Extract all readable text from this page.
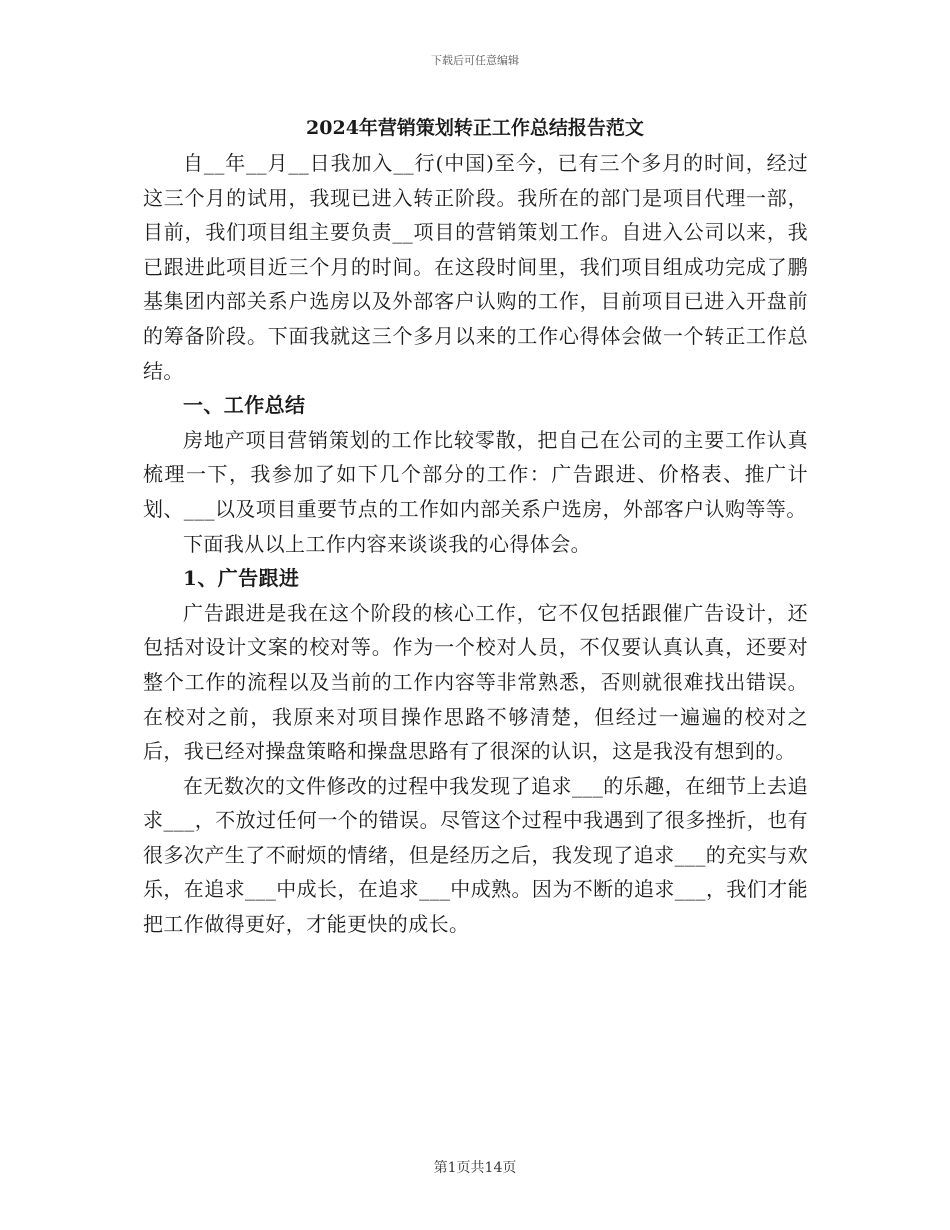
下载后可任意编辑
2024年营销策划转正工作总结报告范文

自__年__月__日我加入__行(中国)至今，已有三个多月的时间，经过这三个月的试用，我现已进入转正阶段。我所在的部门是项目代理一部，目前，我们项目组主要负责__项目的营销策划工作。自进入公司以来，我已跟进此项目近三个月的时间。在这段时间里，我们项目组成功完成了鹏基集团内部关系户选房以及外部客户认购的工作，目前项目已进入开盘前的筹备阶段。下面我就这三个多月以来的工作心得体会做一个转正工作总结。

一、工作总结

房地产项目营销策划的工作比较零散，把自己在公司的主要工作认真梳理一下，我参加了如下几个部分的工作：广告跟进、价格表、推广计划、___以及项目重要节点的工作如内部关系户选房，外部客户认购等等。

下面我从以上工作内容来谈谈我的心得体会。

1、广告跟进

广告跟进是我在这个阶段的核心工作，它不仅包括跟催广告设计，还包括对设计文案的校对等。作为一个校对人员，不仅要认真认真，还要对整个工作的流程以及当前的工作内容等非常熟悉，否则就很难找出错误。在校对之前，我原来对项目操作思路不够清楚，但经过一遍遍的校对之后，我已经对操盘策略和操盘思路有了很深的认识，这是我没有想到的。

在无数次的文件修改的过程中我发现了追求___的乐趣，在细节上去追求___，不放过任何一个的错误。尽管这个过程中我遇到了很多挫折，也有很多次产生了不耐烦的情绪，但是经历之后，我发现了追求___的充实与欢乐，在追求___中成长，在追求___中成熟。因为不断的追求___，我们才能把工作做得更好，才能更快的成长。

第1页共14页
